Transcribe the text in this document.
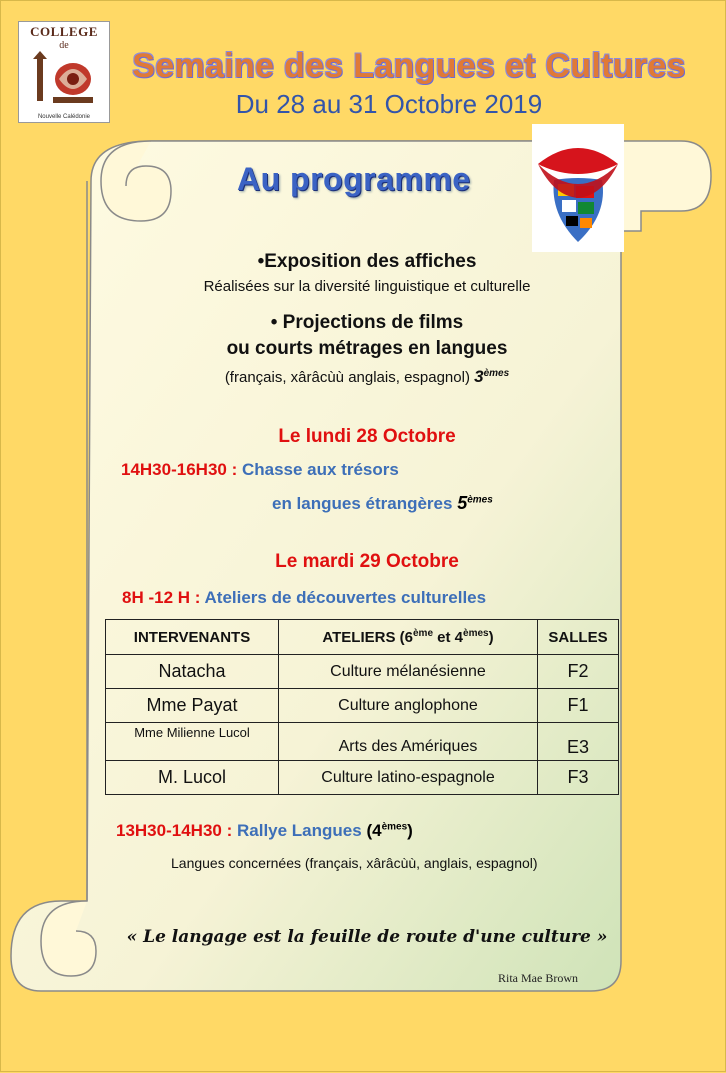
COLLEGE
de
Nouvelle Calédonie
Semaine des Langues et Cultures
Du 28 au 31 Octobre 2019
Au programme
•Exposition des affiches
Réalisées sur la diversité linguistique et culturelle
• Projections de films
ou courts métrages en langues
(français, xârâcùù anglais, espagnol) 3èmes
Le lundi 28 Octobre
14H30-16H30 : Chasse aux trésors
en langues étrangères 5èmes
Le mardi 29 Octobre
8H -12 H : Ateliers de découvertes culturelles
INTERVENANTS	ATELIERS (6ème et 4èmes)	SALLES
Natacha	Culture mélanésienne	F2
Mme Payat	Culture anglophone	F1
Mme Milienne Lucol	Arts des Amériques	E3
M. Lucol	Culture latino-espagnole	F3
13H30-14H30 : Rallye Langues (4èmes)
Langues concernées (français, xârâcùù, anglais, espagnol)
« Le langage est la feuille de route d'une culture »
Rita Mae Brown
